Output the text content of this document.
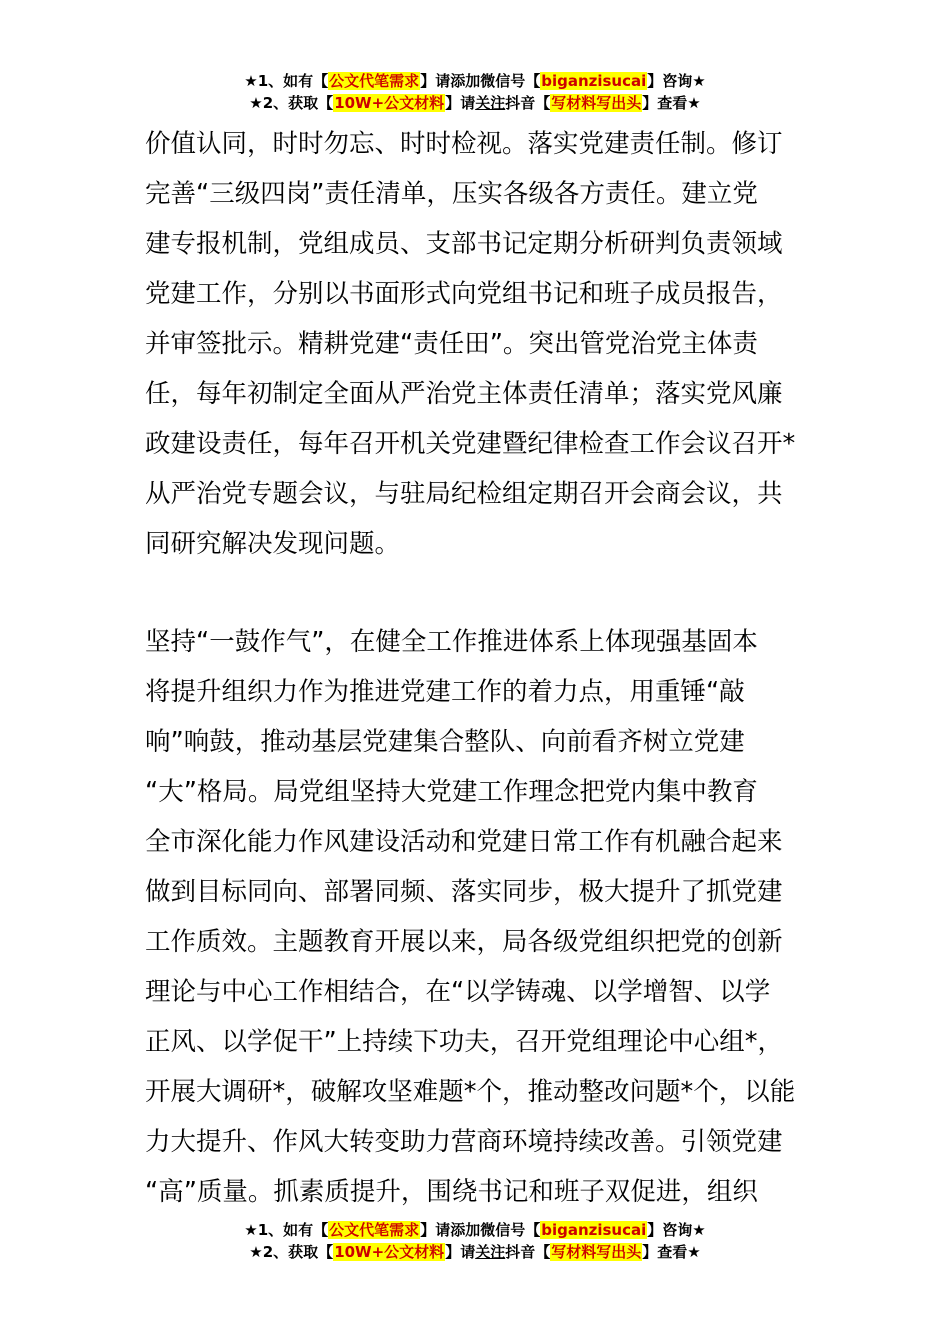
★1、如有【公文代笔需求】请添加微信号【biganzisucai】咨询★
★2、获取【10W+公文材料】请关注抖音【写材料写出头】查看★
价值认同，时时勿忘、时时检视。落实党建责任制。修订
完善“三级四岗”责任清单，压实各级各方责任。建立党
建专报机制，党组成员、支部书记定期分析研判负责领域
党建工作，分别以书面形式向党组书记和班子成员报告，
并审签批示。精耕党建“责任田”。突出管党治党主体责
任，每年初制定全面从严治党主体责任清单；落实党风廉
政建设责任，每年召开机关党建暨纪律检查工作会议召开*
从严治党专题会议，与驻局纪检组定期召开会商会议，共
同研究解决发现问题。
坚持“一鼓作气”，在健全工作推进体系上体现强基固本
将提升组织力作为推进党建工作的着力点，用重锤“敲
响”响鼓，推动基层党建集合整队、向前看齐树立党建
“大”格局。局党组坚持大党建工作理念把党内集中教育
全市深化能力作风建设活动和党建日常工作有机融合起来
做到目标同向、部署同频、落实同步，极大提升了抓党建
工作质效。主题教育开展以来，局各级党组织把党的创新
理论与中心工作相结合，在“以学铸魂、以学增智、以学
正风、以学促干”上持续下功夫，召开党组理论中心组*，
开展大调研*，破解攻坚难题*个，推动整改问题*个，以能
力大提升、作风大转变助力营商环境持续改善。引领党建
“高”质量。抓素质提升，围绕书记和班子双促进，组织
★1、如有【公文代笔需求】请添加微信号【biganzisucai】咨询★
★2、获取【10W+公文材料】请关注抖音【写材料写出头】查看★
